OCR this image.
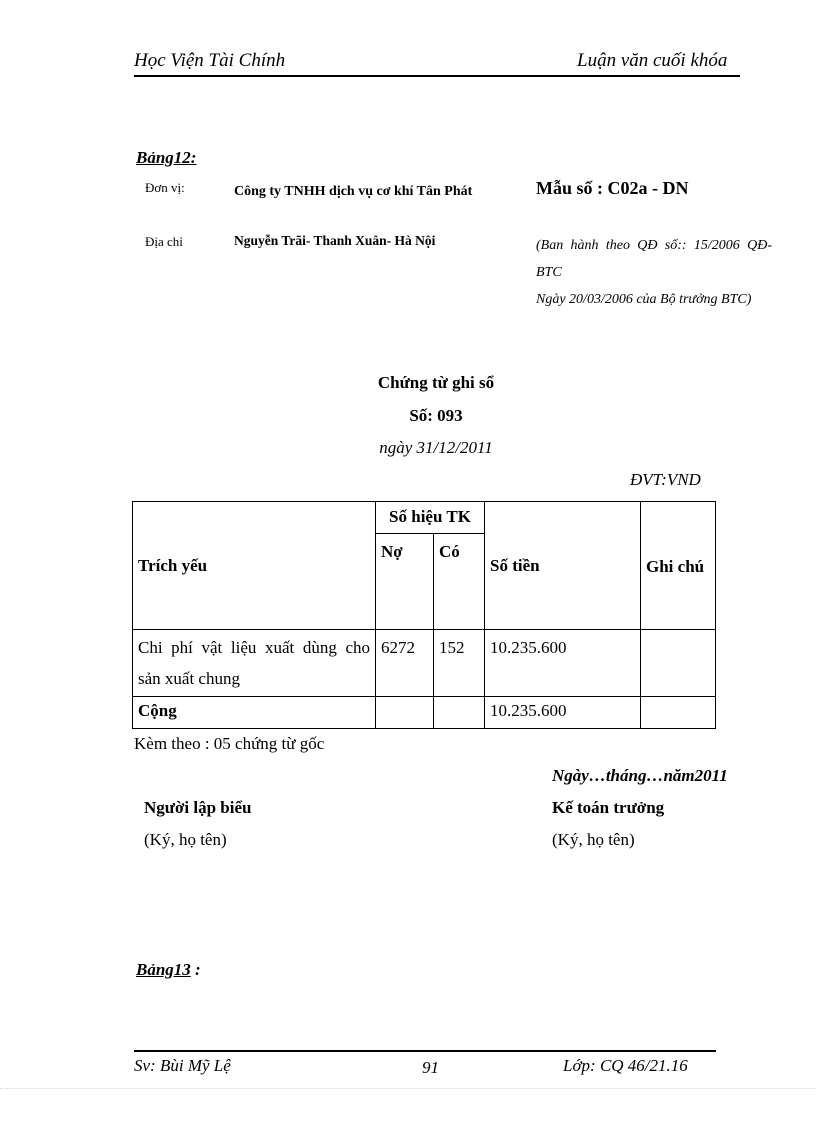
Học Viện Tài Chính	Luận văn cuối khóa
Bảng12:
Đơn vị:	Công ty TNHH dịch vụ cơ khí Tân Phát
Địa chỉ	Nguyễn Trãi- Thanh Xuân- Hà Nội
Mẫu số : C02a - DN
(Ban hành theo QĐ số:: 15/2006 QĐ-BTC
Ngày 20/03/2006 của Bộ trưởng BTC)
Chứng từ ghi sổ
Số: 093
ngày 31/12/2011
ĐVT:VND
Trích yếu	Số hiệu TK		Số tiền	Ghi chú
	Nợ	Có		
Chi phí vật liệu xuất dùng cho sản xuất chung	6272	152	10.235.600	
Cộng			10.235.600	
Kèm theo : 05 chứng từ gốc
Ngày…tháng…năm2011
Người lập biểu
(Ký, họ tên)
Kế toán trưởng
(Ký, họ tên)
Bảng13 :
Sv: Bùi Mỹ Lệ	91	Lớp: CQ 46/21.16
